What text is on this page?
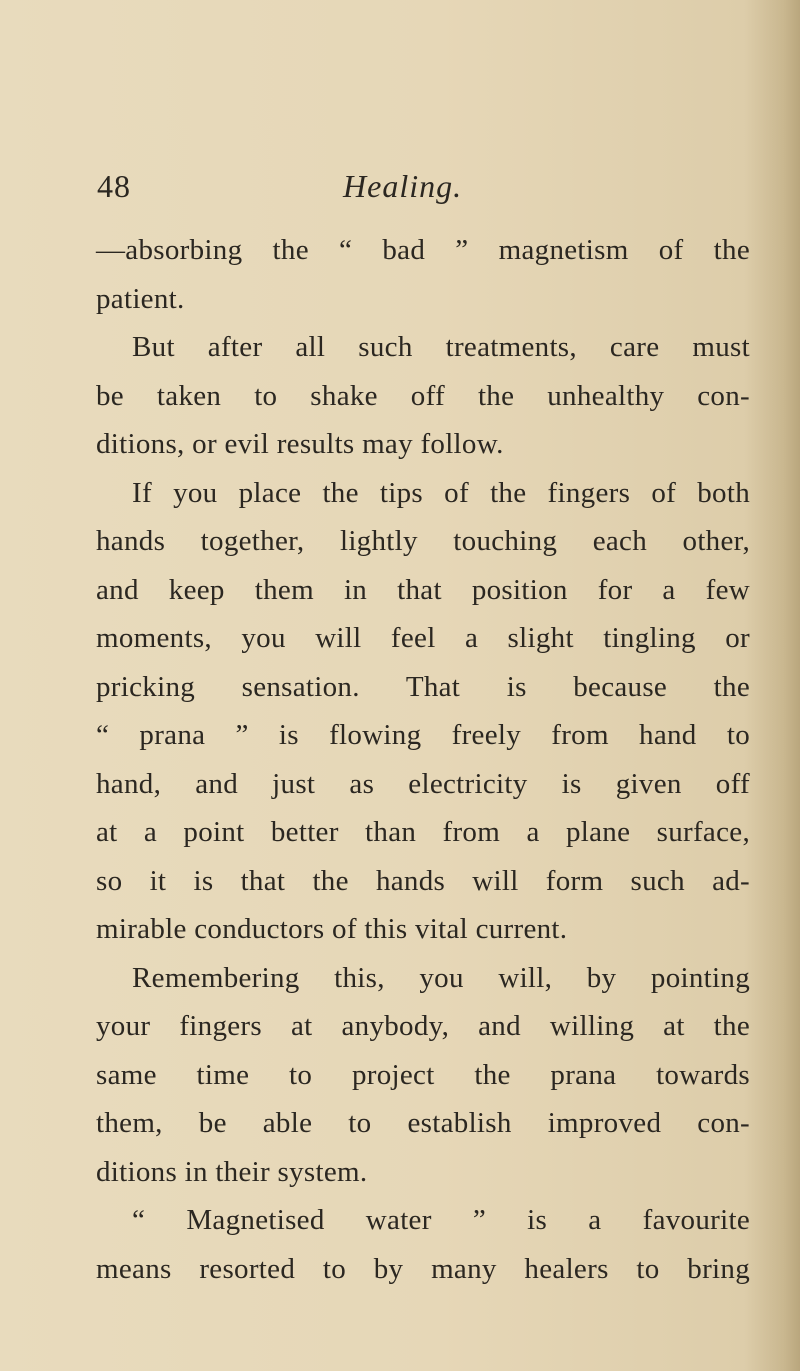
48	Healing.
—absorbing the “ bad ” magnetism of the
patient.
But after all such treatments, care must
be taken to shake off the unhealthy con-
ditions, or evil results may follow.
If you place the tips of the fingers of both
hands together, lightly touching each other,
and keep them in that position for a few
moments, you will feel a slight tingling or
pricking sensation. That is because the
“ prana ” is flowing freely from hand to
hand, and just as electricity is given off
at a point better than from a plane surface,
so it is that the hands will form such ad-
mirable conductors of this vital current.
Remembering this, you will, by pointing
your fingers at anybody, and willing at the
same time to project the prana towards
them, be able to establish improved con-
ditions in their system.
“ Magnetised water ” is a favourite
means resorted to by many healers to bring
